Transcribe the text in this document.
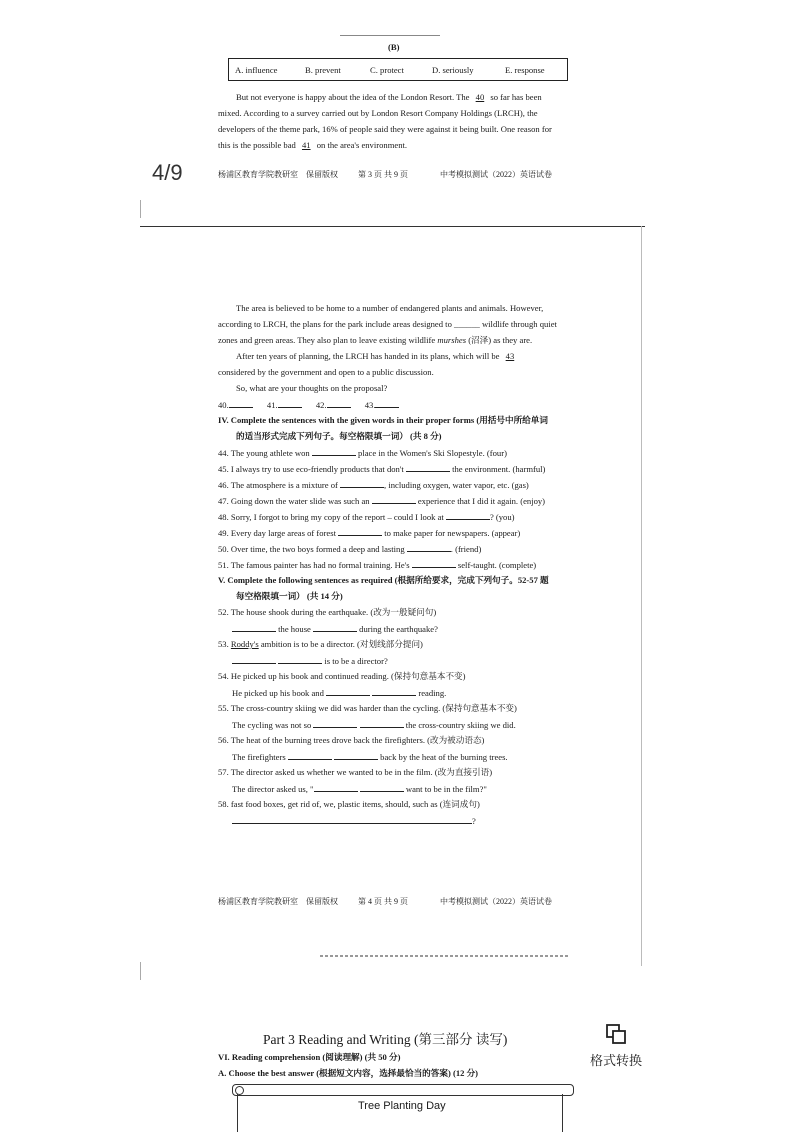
(B)
A. influence	B. prevent	C. protect	D. seriously	E. response
But not everyone is happy about the idea of the London Resort. The 40 so far has been
mixed. According to a survey carried out by London Resort Company Holdings (LRCH), the
developers of the theme park, 16% of people said they were against it being built. One reason for
this is the possible bad 41 on the area's environment.
4/9	杨浦区教育学院教研室　保留版权	第 3 页 共 9 页	中考模拟测试（2022）英语试卷
The area is believed to be home to a number of endangered plants and animals. However,
according to LRCH, the plans for the park include areas designed to ______ wildlife through quiet
zones and green areas. They also plan to leave existing wildlife murshes (沼泽) as they are.
After ten years of planning, the LRCH has handed in its plans, which will be 43
considered by the government and open to a public discussion.
So, what are your thoughts on the proposal?
40.	41.	42.	43.
IV. Complete the sentences with the given words in their proper forms (用括号中所给单词
的适当形式完成下列句子。每空格限填一词） (共 8 分)
44. The young athlete won	place in the Women's Ski Slopestyle. (four)
45. I always try to use eco-friendly products that don't	the environment. (harmful)
46. The atmosphere is a mixture of	, including oxygen, water vapor, etc. (gas)
47. Going down the water slide was such an	experience that I did it again. (enjoy)
48. Sorry, I forgot to bring my copy of the report – could I look at	? (you)
49. Every day large areas of forest	to make paper for newspapers. (appear)
50. Over time, the two boys formed a deep and lasting	. (friend)
51. The famous painter has had no formal training. He's	self-taught. (complete)
V. Complete the following sentences as required (根据所给要求，完成下列句子。52-57 题
每空格限填一词） (共 14 分)
52. The house shook during the earthquake. (改为一般疑问句)
the house	during the earthquake?
53. Roddy's ambition is to be a director. (对划线部分提问)
is to be a director?
54. He picked up his book and continued reading. (保持句意基本不变)
He picked up his book and	reading.
55. The cross-country skiing we did was harder than the cycling. (保持句意基本不变)
The cycling was not so	the cross-country skiing we did.
56. The heat of the burning trees drove back the firefighters. (改为被动语态)
The firefighters	back by the heat of the burning trees.
57. The director asked us whether we wanted to be in the film. (改为直接引语)
The director asked us, "	want to be in the film?"
58. fast food boxes, get rid of, we, plastic items, should, such as (连词成句)
?
杨浦区教育学院教研室　保留版权	第 4 页 共 9 页	中考模拟测试（2022）英语试卷
Part 3 Reading and Writing (第三部分 读写)
VI. Reading comprehension (阅读理解) (共 50 分)
A. Choose the best answer (根据短文内容，选择最恰当的答案) (12 分)
Tree Planting Day
格式转换
